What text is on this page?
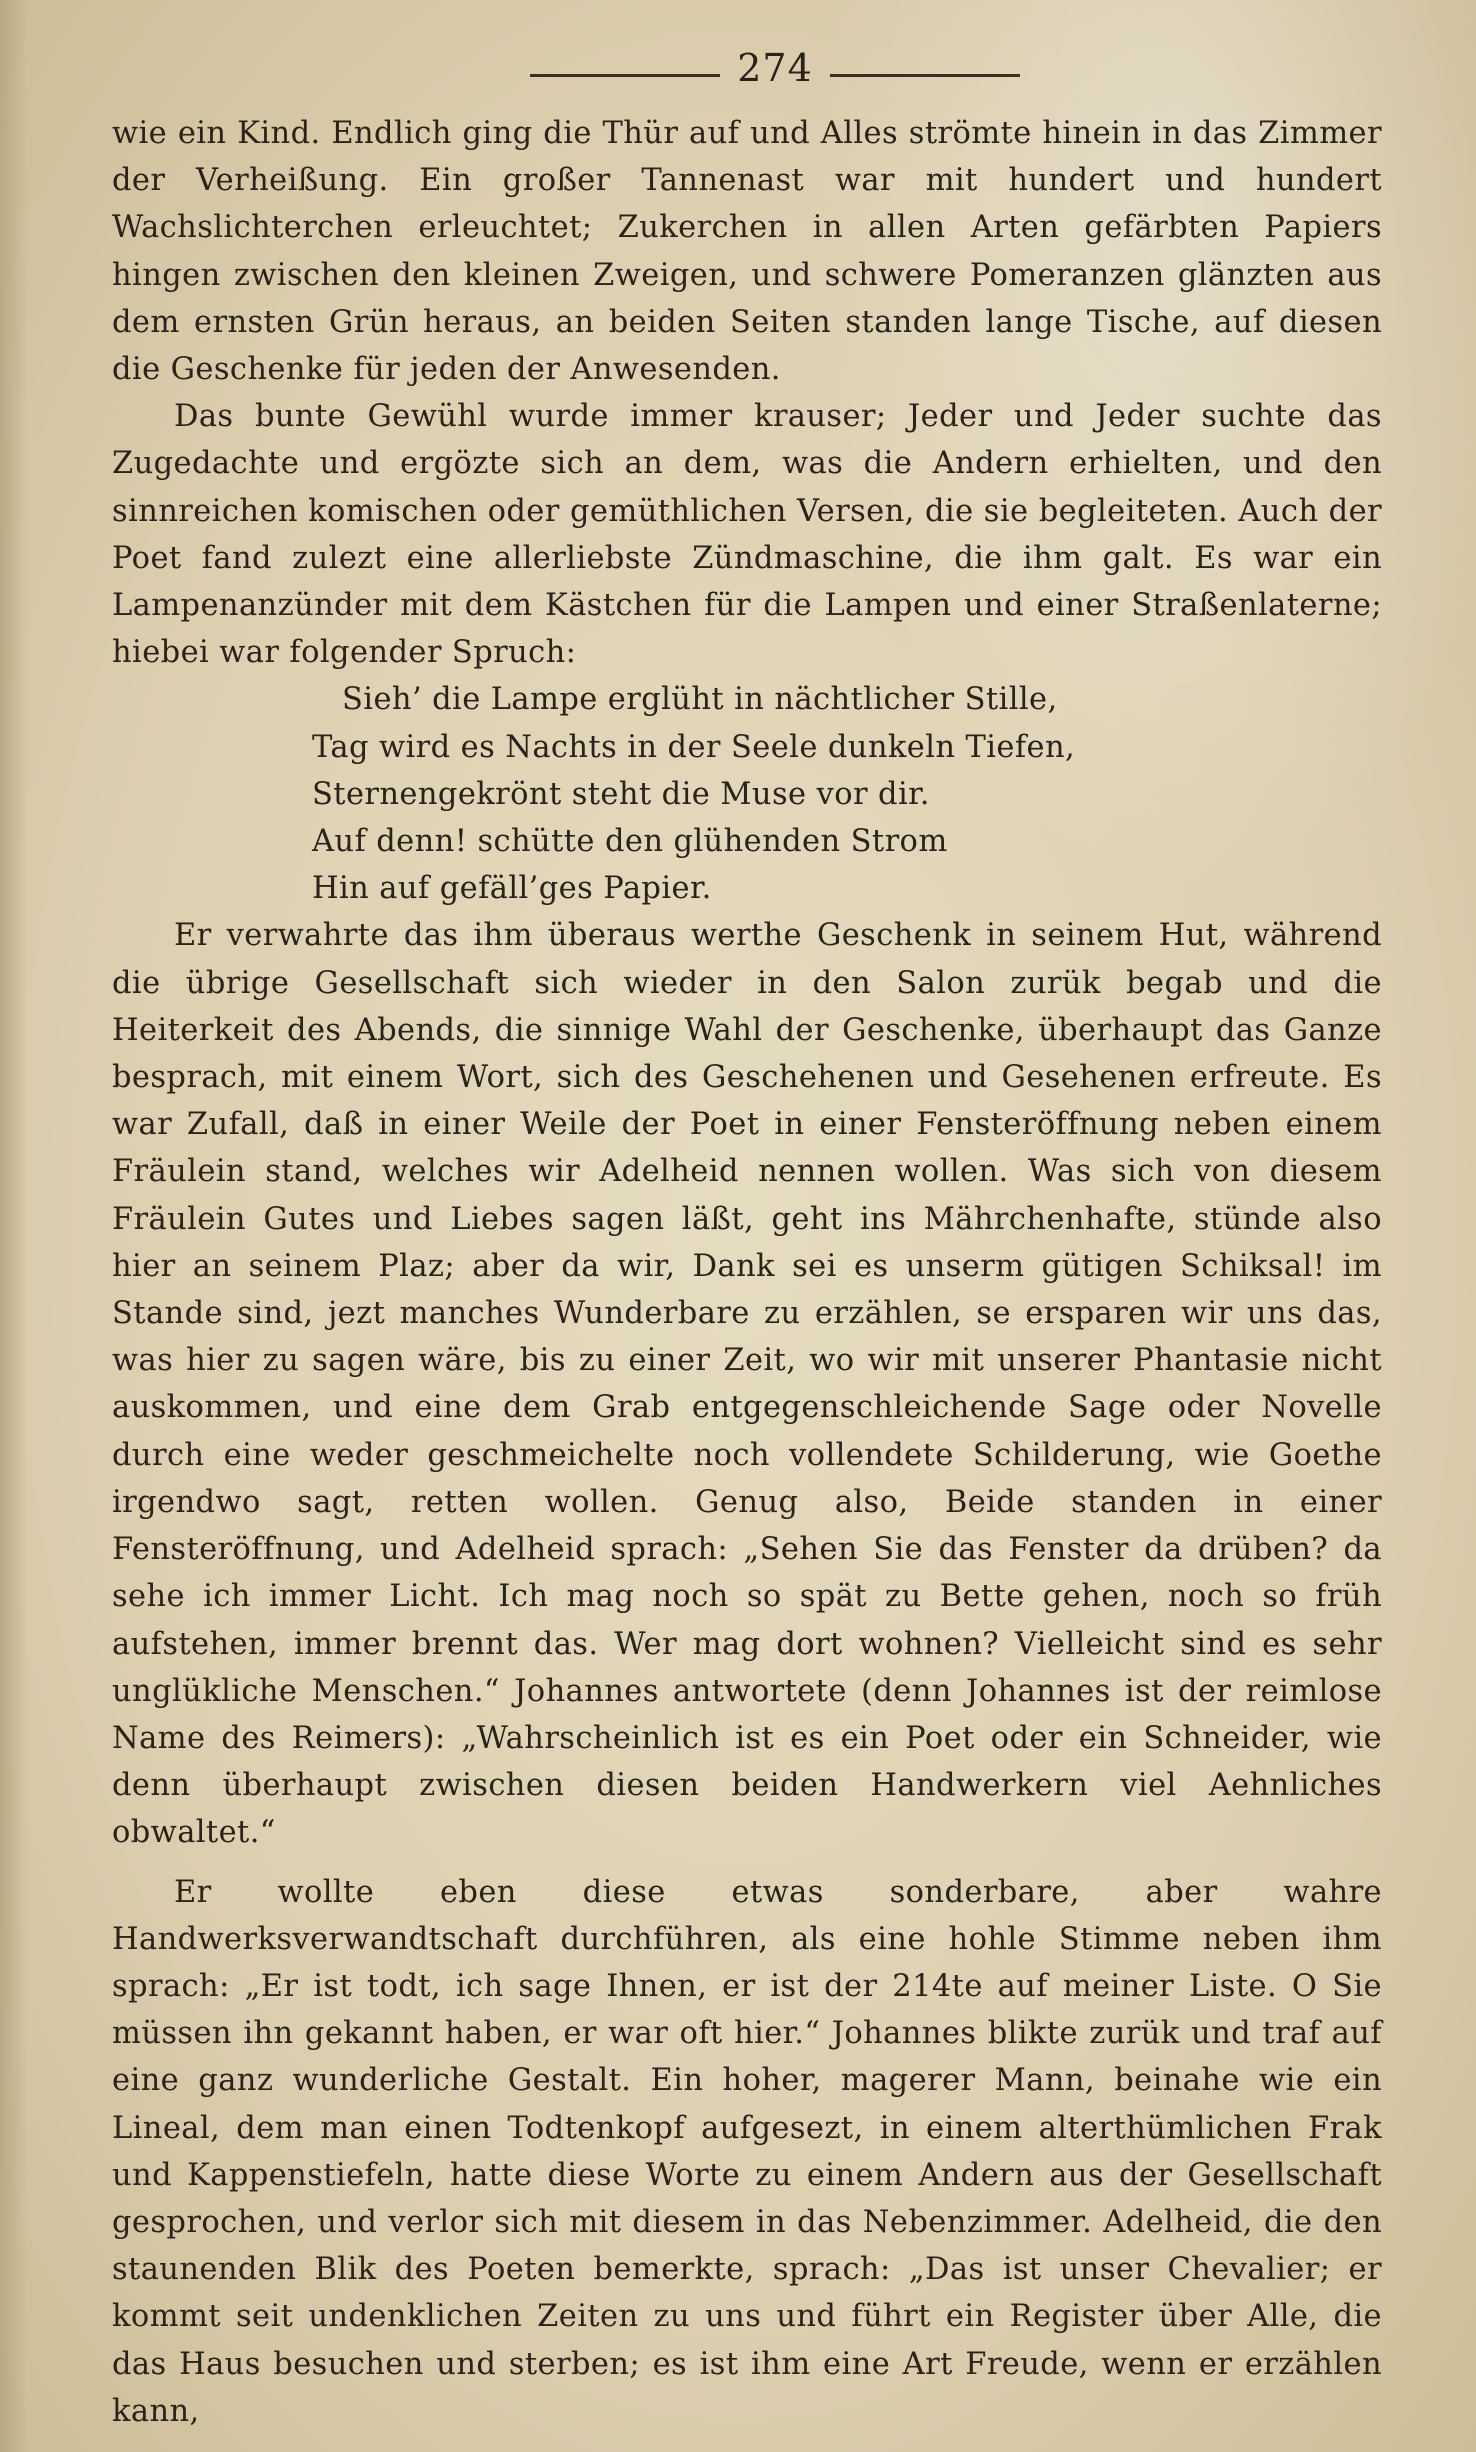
274

wie ein Kind. Endlich ging die Thür auf und Alles strömte hinein in das Zimmer der Verheißung. Ein großer Tannenast war mit hundert und hundert Wachslichterchen erleuchtet; Zukerchen in allen Arten gefärbten Papiers hingen zwischen den kleinen Zweigen, und schwere Pomeranzen glänzten aus dem ernsten Grün heraus, an beiden Seiten standen lange Tische, auf diesen die Geschenke für jeden der Anwesenden.

Das bunte Gewühl wurde immer krauser; Jeder und Jeder suchte das Zugedachte und ergözte sich an dem, was die Andern erhielten, und den sinnreichen komischen oder gemüthlichen Versen, die sie begleiteten. Auch der Poet fand zulezt eine allerliebste Zündmaschine, die ihm galt. Es war ein Lampenanzünder mit dem Kästchen für die Lampen und einer Straßenlaterne; hiebei war folgender Spruch:

Sieh’ die Lampe erglüht in nächtlicher Stille,
Tag wird es Nachts in der Seele dunkeln Tiefen,
Sternengekrönt steht die Muse vor dir.
Auf denn! schütte den glühenden Strom
Hin auf gefäll’ges Papier.

Er verwahrte das ihm überaus werthe Geschenk in seinem Hut, während die übrige Gesellschaft sich wieder in den Salon zurük begab und die Heiterkeit des Abends, die sinnige Wahl der Geschenke, überhaupt das Ganze besprach, mit einem Wort, sich des Geschehenen und Gesehenen erfreute. Es war Zufall, daß in einer Weile der Poet in einer Fensteröffnung neben einem Fräulein stand, welches wir Adelheid nennen wollen. Was sich von diesem Fräulein Gutes und Liebes sagen läßt, geht ins Mährchenhafte, stünde also hier an seinem Plaz; aber da wir, Dank sei es unserm gütigen Schiksal! im Stande sind, jezt manches Wunderbare zu erzählen, se ersparen wir uns das, was hier zu sagen wäre, bis zu einer Zeit, wo wir mit unserer Phantasie nicht auskommen, und eine dem Grab entgegenschleichende Sage oder Novelle durch eine weder geschmeichelte noch vollendete Schilderung, wie Goethe irgendwo sagt, retten wollen. Genug also, Beide standen in einer Fensteröffnung, und Adelheid sprach: „Sehen Sie das Fenster da drüben? da sehe ich immer Licht. Ich mag noch so spät zu Bette gehen, noch so früh aufstehen, immer brennt das. Wer mag dort wohnen? Vielleicht sind es sehr unglükliche Menschen.“ Johannes antwortete (denn Johannes ist der reimlose Name des Reimers): „Wahrscheinlich ist es ein Poet oder ein Schneider, wie denn überhaupt zwischen diesen beiden Handwerkern viel Aehnliches obwaltet.“

Er wollte eben diese etwas sonderbare, aber wahre Handwerksverwandtschaft durchführen, als eine hohle Stimme neben ihm sprach: „Er ist todt, ich sage Ihnen, er ist der 214te auf meiner Liste. O Sie müssen ihn gekannt haben, er war oft hier.“ Johannes blikte zurük und traf auf eine ganz wunderliche Gestalt. Ein hoher, magerer Mann, beinahe wie ein Lineal, dem man einen Todtenkopf aufgesezt, in einem alterthümlichen Frak und Kappenstiefeln, hatte diese Worte zu einem Andern aus der Gesellschaft gesprochen, und verlor sich mit diesem in das Nebenzimmer. Adelheid, die den staunenden Blik des Poeten bemerkte, sprach: „Das ist unser Chevalier; er kommt seit undenklichen Zeiten zu uns und führt ein Register über Alle, die das Haus besuchen und sterben; es ist ihm eine Art Freude, wenn er erzählen kann,
